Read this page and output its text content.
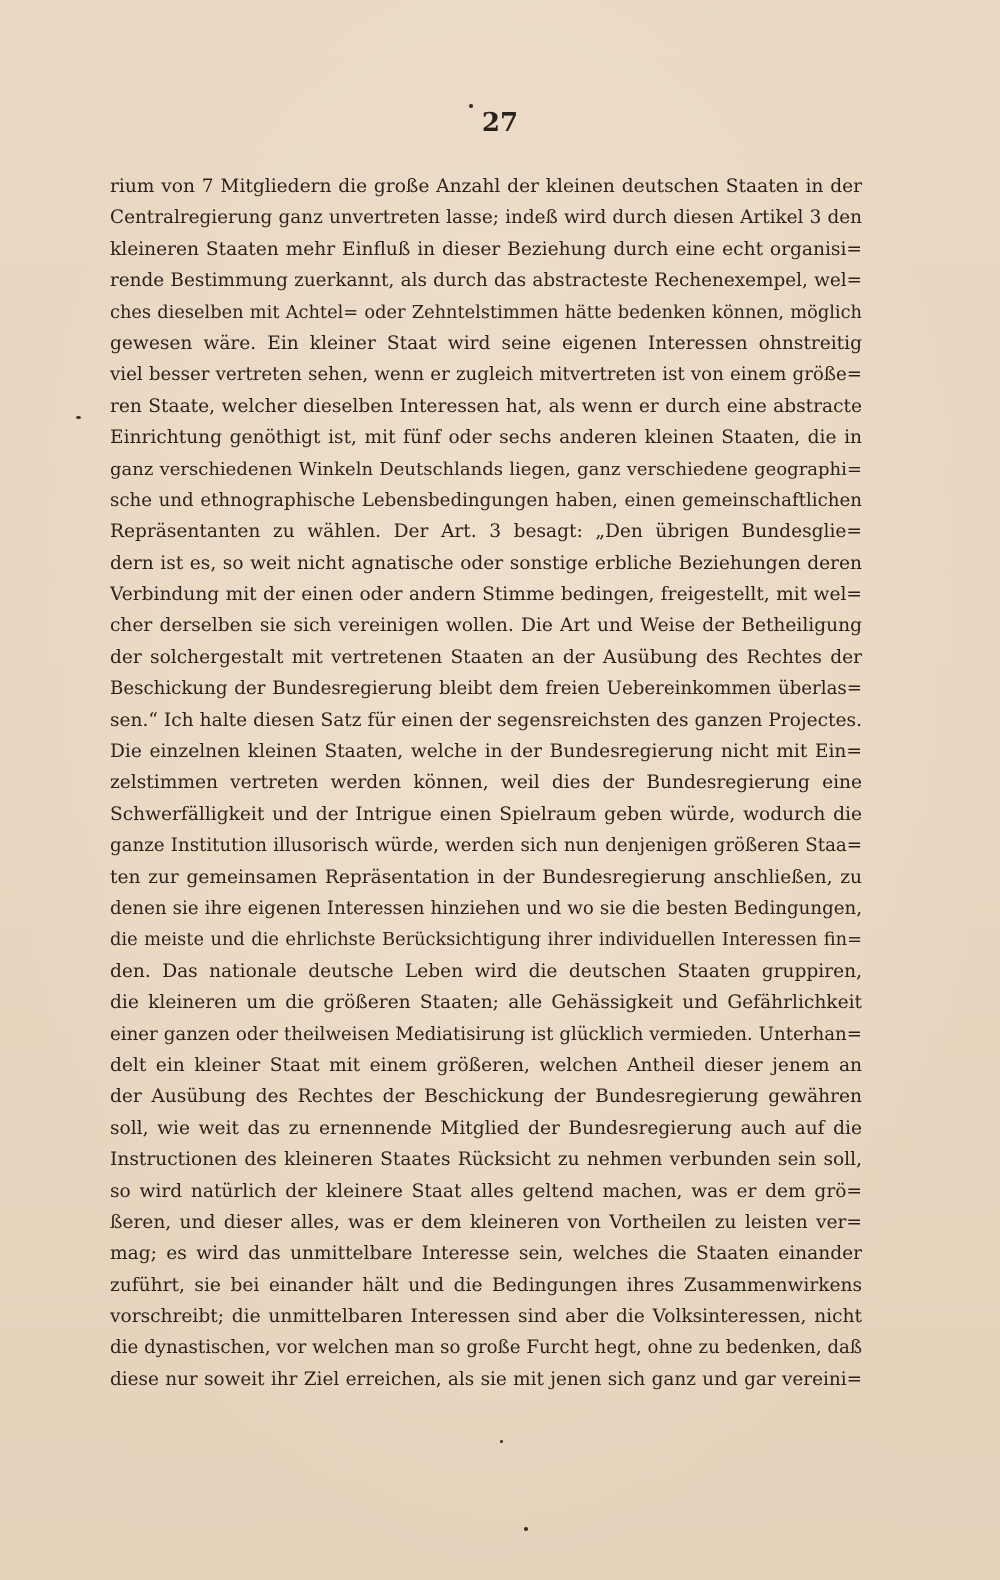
27
rium von 7 Mitgliedern die große Anzahl der kleinen deutschen Staaten in der
Centralregierung ganz unvertreten lasse; indeß wird durch diesen Artikel 3 den
kleineren Staaten mehr Einfluß in dieser Beziehung durch eine echt organisi=
rende Bestimmung zuerkannt, als durch das abstracteste Rechenexempel, wel=
ches dieselben mit Achtel= oder Zehntelstimmen hätte bedenken können, möglich
gewesen wäre. Ein kleiner Staat wird seine eigenen Interessen ohnstreitig
viel besser vertreten sehen, wenn er zugleich mitvertreten ist von einem größe=
ren Staate, welcher dieselben Interessen hat, als wenn er durch eine abstracte
Einrichtung genöthigt ist, mit fünf oder sechs anderen kleinen Staaten, die in
ganz verschiedenen Winkeln Deutschlands liegen, ganz verschiedene geographi=
sche und ethnographische Lebensbedingungen haben, einen gemeinschaftlichen
Repräsentanten zu wählen. Der Art. 3 besagt: „Den übrigen Bundesglie=
dern ist es, so weit nicht agnatische oder sonstige erbliche Beziehungen deren
Verbindung mit der einen oder andern Stimme bedingen, freigestellt, mit wel=
cher derselben sie sich vereinigen wollen. Die Art und Weise der Betheiligung
der solchergestalt mit vertretenen Staaten an der Ausübung des Rechtes der
Beschickung der Bundesregierung bleibt dem freien Uebereinkommen überlas=
sen.“ Ich halte diesen Satz für einen der segensreichsten des ganzen Projectes.
Die einzelnen kleinen Staaten, welche in der Bundesregierung nicht mit Ein=
zelstimmen vertreten werden können, weil dies der Bundesregierung eine
Schwerfälligkeit und der Intrigue einen Spielraum geben würde, wodurch die
ganze Institution illusorisch würde, werden sich nun denjenigen größeren Staa=
ten zur gemeinsamen Repräsentation in der Bundesregierung anschließen, zu
denen sie ihre eigenen Interessen hinziehen und wo sie die besten Bedingungen,
die meiste und die ehrlichste Berücksichtigung ihrer individuellen Interessen fin=
den. Das nationale deutsche Leben wird die deutschen Staaten gruppiren,
die kleineren um die größeren Staaten; alle Gehässigkeit und Gefährlichkeit
einer ganzen oder theilweisen Mediatisirung ist glücklich vermieden. Unterhan=
delt ein kleiner Staat mit einem größeren, welchen Antheil dieser jenem an
der Ausübung des Rechtes der Beschickung der Bundesregierung gewähren
soll, wie weit das zu ernennende Mitglied der Bundesregierung auch auf die
Instructionen des kleineren Staates Rücksicht zu nehmen verbunden sein soll,
so wird natürlich der kleinere Staat alles geltend machen, was er dem grö=
ßeren, und dieser alles, was er dem kleineren von Vortheilen zu leisten ver=
mag; es wird das unmittelbare Interesse sein, welches die Staaten einander
zuführt, sie bei einander hält und die Bedingungen ihres Zusammenwirkens
vorschreibt; die unmittelbaren Interessen sind aber die Volksinteressen, nicht
die dynastischen, vor welchen man so große Furcht hegt, ohne zu bedenken, daß
diese nur soweit ihr Ziel erreichen, als sie mit jenen sich ganz und gar vereini=
